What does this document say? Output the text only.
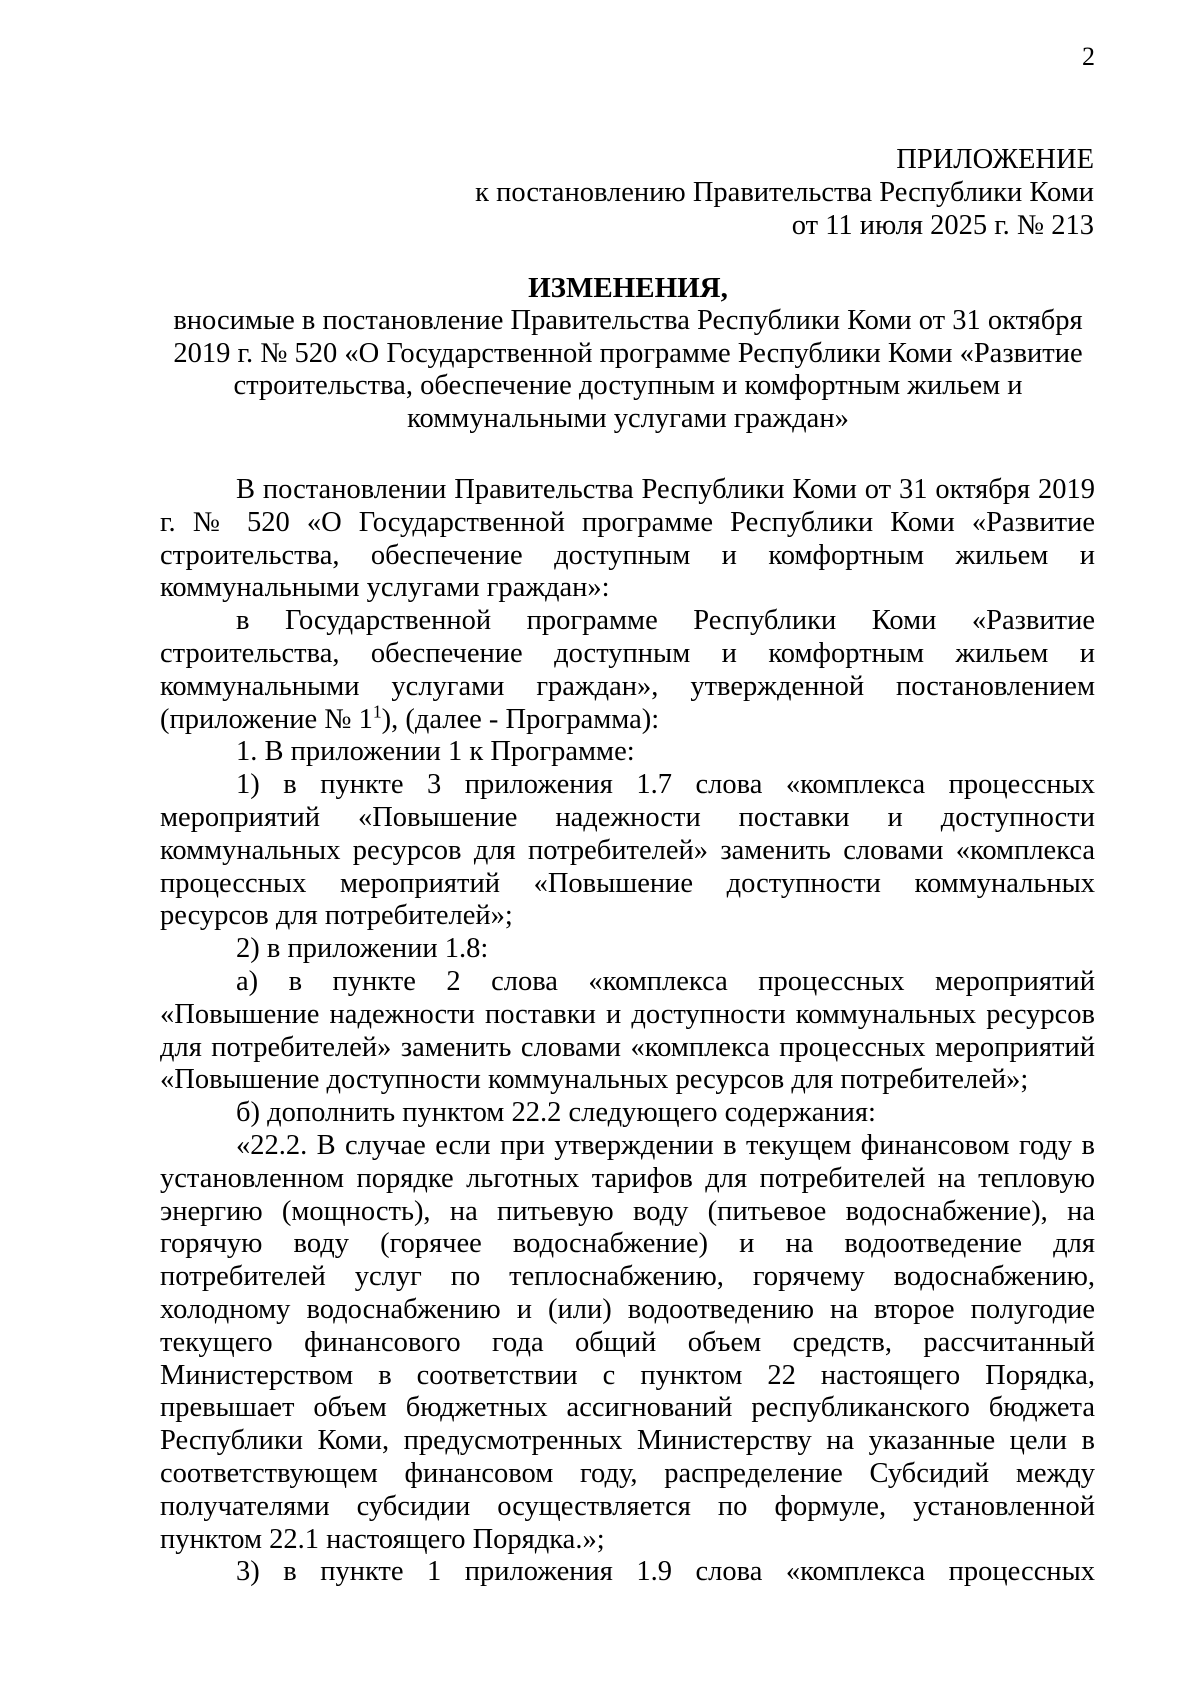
2
ПРИЛОЖЕНИЕ
к постановлению Правительства Республики Коми
от 11 июля 2025 г. № 213
ИЗМЕНЕНИЯ,
вносимые в постановление Правительства Республики Коми от 31 октября
2019 г. № 520 «О Государственной программе Республики Коми «Развитие
строительства, обеспечение доступным и комфортным жильем и
коммунальными услугами граждан»

В постановлении Правительства Республики Коми от 31 октября 2019 г. № 520 «О Государственной программе Республики Коми «Развитие строительства, обеспечение доступным и комфортным жильем и коммунальными услугами граждан»:

в Государственной программе Республики Коми «Развитие строительства, обеспечение доступным и комфортным жильем и коммунальными услугами граждан», утвержденной постановлением (приложение № $1^1$), (далее - Программа):

1. В приложении 1 к Программе:

1) в пункте 3 приложения 1.7 слова «комплекса процессных мероприятий «Повышение надежности поставки и доступности коммунальных ресурсов для потребителей» заменить словами «комплекса процессных мероприятий «Повышение доступности коммунальных ресурсов для потребителей»;

2) в приложении 1.8:

а) в пункте 2 слова «комплекса процессных мероприятий «Повышение надежности поставки и доступности коммунальных ресурсов для потребителей» заменить словами «комплекса процессных мероприятий «Повышение доступности коммунальных ресурсов для потребителей»;

б) дополнить пунктом 22.2 следующего содержания:

«22.2. В случае если при утверждении в текущем финансовом году в установленном порядке льготных тарифов для потребителей на тепловую энергию (мощность), на питьевую воду (питьевое водоснабжение), на горячую воду (горячее водоснабжение) и на водоотведение для потребителей услуг по теплоснабжению, горячему водоснабжению, холодному водоснабжению и (или) водоотведению на второе полугодие текущего финансового года общий объем средств, рассчитанный Министерством в соответствии с пунктом 22 настоящего Порядка, превышает объем бюджетных ассигнований республиканского бюджета Республики Коми, предусмотренных Министерству на указанные цели в соответствующем финансовом году, распределение Субсидий между получателями субсидии осуществляется по формуле, установленной пунктом 22.1 настоящего Порядка.»;

3) в пункте 1 приложения 1.9 слова «комплекса процессных
